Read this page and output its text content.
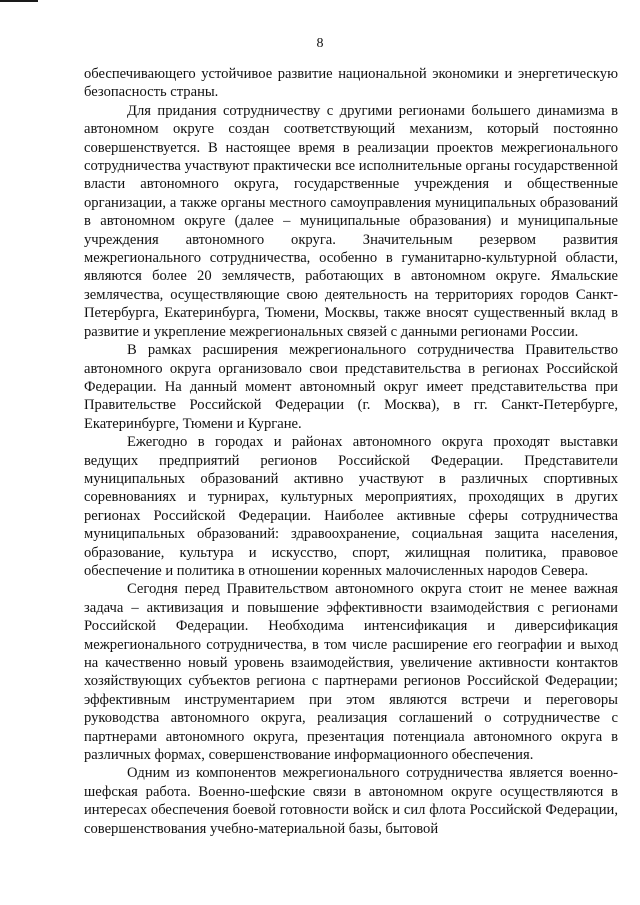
8

обеспечивающего устойчивое развитие национальной экономики и энергетическую безопасность страны.

Для придания сотрудничеству с другими регионами большего динамизма в автономном округе создан соответствующий механизм, который постоянно совершенствуется. В настоящее время в реализации проектов межрегионального сотрудничества участвуют практически все исполнительные органы государственной власти автономного округа, государственные учреждения и общественные организации, а также органы местного самоуправления муниципальных образований в автономном округе (далее – муниципальные образования) и муниципальные учреждения автономного округа. Значительным резервом развития межрегионального сотрудничества, особенно в гуманитарно-культурной области, являются более 20 землячеств, работающих в автономном округе. Ямальские землячества, осуществляющие свою деятельность на территориях городов Санкт-Петербурга, Екатеринбурга, Тюмени, Москвы, также вносят существенный вклад в развитие и укрепление межрегиональных связей с данными регионами России.

В рамках расширения межрегионального сотрудничества Правительство автономного округа организовало свои представительства в регионах Российской Федерации. На данный момент автономный округ имеет представительства при Правительстве Российской Федерации (г. Москва), в гг. Санкт-Петербурге, Екатеринбурге, Тюмени и Кургане.

Ежегодно в городах и районах автономного округа проходят выставки ведущих предприятий регионов Российской Федерации. Представители муниципальных образований активно участвуют в различных спортивных соревнованиях и турнирах, культурных мероприятиях, проходящих в других регионах Российской Федерации. Наиболее активные сферы сотрудничества муниципальных образований: здравоохранение, социальная защита населения, образование, культура и искусство, спорт, жилищная политика, правовое обеспечение и политика в отношении коренных малочисленных народов Севера.

Сегодня перед Правительством автономного округа стоит не менее важная задача – активизация и повышение эффективности взаимодействия с регионами Российской Федерации. Необходима интенсификация и диверсификация межрегионального сотрудничества, в том числе расширение его географии и выход на качественно новый уровень взаимодействия, увеличение активности контактов хозяйствующих субъектов региона с партнерами регионов Российской Федерации; эффективным инструментарием при этом являются встречи и переговоры руководства автономного округа, реализация соглашений о сотрудничестве с партнерами автономного округа, презентация потенциала автономного округа в различных формах, совершенствование информационного обеспечения.

Одним из компонентов межрегионального сотрудничества является военно-шефская работа. Военно-шефские связи в автономном округе осуществляются в интересах обеспечения боевой готовности войск и сил флота Российской Федерации, совершенствования учебно-материальной базы, бытовой
